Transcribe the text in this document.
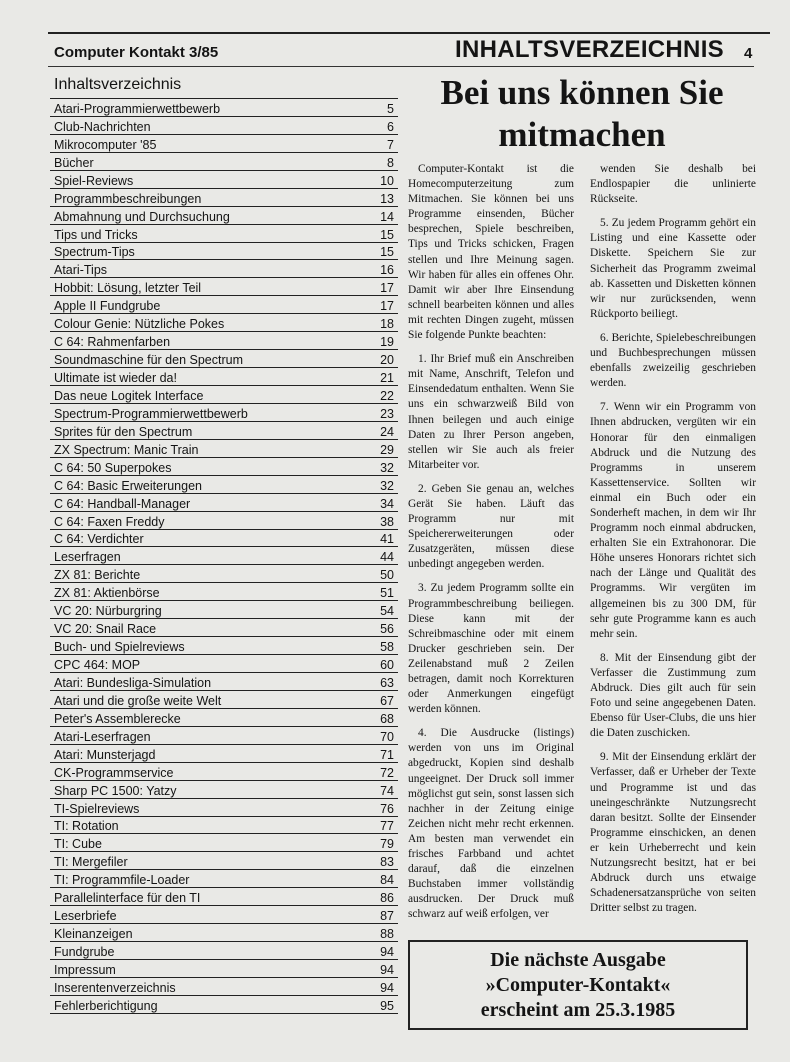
Computer Kontakt 3/85	INHALTSVERZEICHNIS 4
Inhaltsverzeichnis
Atari-Programmierwettbewerb	5
Club-Nachrichten	6
Mikrocomputer '85	7
Bücher	8
Spiel-Reviews	10
Programmbeschreibungen	13
Abmahnung und Durchsuchung	14
Tips und Tricks	15
Spectrum-Tips	15
Atari-Tips	16
Hobbit: Lösung, letzter Teil	17
Apple II Fundgrube	17
Colour Genie: Nützliche Pokes	18
C 64: Rahmenfarben	19
Soundmaschine für den Spectrum	20
Ultimate ist wieder da!	21
Das neue Logitek Interface	22
Spectrum-Programmierwettbewerb	23
Sprites für den Spectrum	24
ZX Spectrum: Manic Train	29
C 64: 50 Superpokes	32
C 64: Basic Erweiterungen	32
C 64: Handball-Manager	34
C 64: Faxen Freddy	38
C 64: Verdichter	41
Leserfragen	44
ZX 81: Berichte	50
ZX 81: Aktienbörse	51
VC 20: Nürburgring	54
VC 20: Snail Race	56
Buch- und Spielreviews	58
CPC 464: MOP	60
Atari: Bundesliga-Simulation	63
Atari und die große weite Welt	67
Peter's Assemblerecke	68
Atari-Leserfragen	70
Atari: Munsterjagd	71
CK-Programmservice	72
Sharp PC 1500: Yatzy	74
TI-Spielreviews	76
TI: Rotation	77
TI: Cube	79
TI: Mergefiler	83
TI: Programmfile-Loader	84
Parallelinterface für den TI	86
Leserbriefe	87
Kleinanzeigen	88
Fundgrube	94
Impressum	94
Inserentenverzeichnis	94
Fehlerberichtigung	95
Bei uns können Sie
mitmachen

Computer-Kontakt ist die Homecomputerzeitung zum Mitmachen. Sie können bei uns Programme einsenden, Bücher besprechen, Spiele beschreiben, Tips und Tricks schicken, Fragen stellen und Ihre Meinung sagen. Wir haben für alles ein offenes Ohr. Damit wir aber Ihre Einsendung schnell bearbeiten können und alles mit rechten Dingen zugeht, müssen Sie folgende Punkte beachten:

1. Ihr Brief muß ein Anschreiben mit Name, Anschrift, Telefon und Einsendedatum enthalten. Wenn Sie uns ein schwarzweiß Bild von Ihnen beilegen und auch einige Daten zu Ihrer Person angeben, stellen wir Sie auch als freier Mitarbeiter vor.

2. Geben Sie genau an, welches Gerät Sie haben. Läuft das Programm nur mit Speichererweiterungen oder Zusatzgeräten, müssen diese unbedingt angegeben werden.

3. Zu jedem Programm sollte ein Programmbeschreibung beiliegen. Diese kann mit der Schreibmaschine oder mit einem Drucker geschrieben sein. Der Zeilenabstand muß 2 Zeilen betragen, damit noch Korrekturen oder Anmerkungen eingefügt werden können.

4. Die Ausdrucke (listings) werden von uns im Original abgedruckt, Kopien sind deshalb ungeeignet. Der Druck soll immer möglichst gut sein, sonst lassen sich nachher in der Zeitung einige Zeichen nicht mehr recht erkennen. Am besten man verwendet ein frisches Farbband und achtet darauf, daß die einzelnen Buchstaben immer vollständig ausdrucken. Der Druck muß schwarz auf weiß erfolgen, ver

wenden Sie deshalb bei Endlospapier die unlinierte Rückseite.

5. Zu jedem Programm gehört ein Listing und eine Kassette oder Diskette. Speichern Sie zur Sicherheit das Programm zweimal ab. Kassetten und Disketten können wir nur zurücksenden, wenn Rückporto beiliegt.

6. Berichte, Spielebeschreibungen und Buchbesprechungen müssen ebenfalls zweizeilig geschrieben werden.

7. Wenn wir ein Programm von Ihnen abdrucken, vergüten wir ein Honorar für den einmaligen Abdruck und die Nutzung des Programms in unserem Kassettenservice. Sollten wir einmal ein Buch oder ein Sonderheft machen, in dem wir Ihr Programm noch einmal abdrucken, erhalten Sie ein Extrahonorar. Die Höhe unseres Honorars richtet sich nach der Länge und Qualität des Programms. Wir vergüten im allgemeinen bis zu 300 DM, für sehr gute Programme kann es auch mehr sein.

8. Mit der Einsendung gibt der Verfasser die Zustimmung zum Abdruck. Dies gilt auch für sein Foto und seine angegebenen Daten. Ebenso für User-Clubs, die uns hier die Daten zuschicken.

9. Mit der Einsendung erklärt der Verfasser, daß er Urheber der Texte und Programme ist und das uneingeschränkte Nutzungsrecht daran besitzt. Sollte der Einsender Programme einschicken, an denen er kein Urheberrecht und kein Nutzungsrecht besitzt, hat er bei Abdruck durch uns etwaige Schadenersatzansprüche von seiten Dritter selbst zu tragen.

Die nächste Ausgabe
»Computer-Kontakt«
erscheint am 25.3.1985
